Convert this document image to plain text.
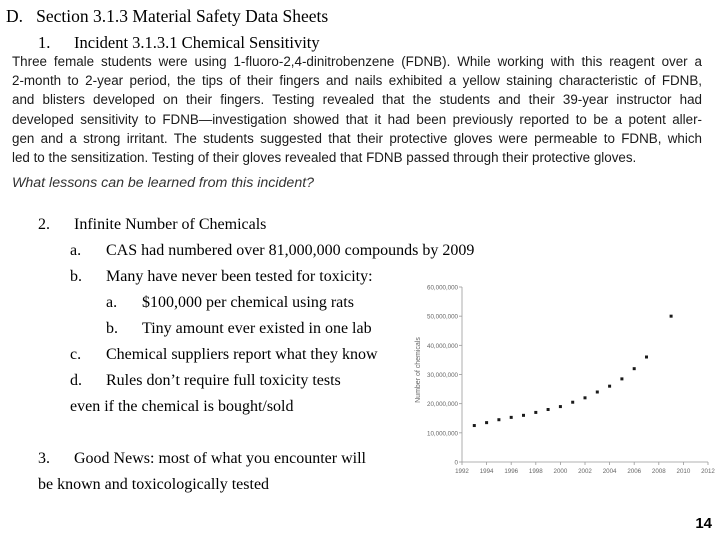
D. Section 3.1.3 Material Safety Data Sheets
1. Incident 3.1.3.1 Chemical Sensitivity
Three female students were using 1-fluoro-2,4-dinitrobenzene (FDNB). While working with this reagent over a
2-month to 2-year period, the tips of their fingers and nails exhibited a yellow staining characteristic of FDNB,
and blisters developed on their fingers. Testing revealed that the students and their 39-year instructor had
developed sensitivity to FDNB—investigation showed that it had been previously reported to be a potent aller-
gen and a strong irritant. The students suggested that their protective gloves were permeable to FDNB, which
led to the sensitization. Testing of their gloves revealed that FDNB passed through their protective gloves.
What lessons can be learned from this incident?
2. Infinite Number of Chemicals
a. CAS had numbered over 81,000,000 compounds by 2009
b. Many have never been tested for toxicity:
a. $100,000 per chemical using rats
b. Tiny amount ever existed in one lab
c. Chemical suppliers report what they know
d. Rules don’t require full toxicity tests
even if the chemical is bought/sold
3. Good News: most of what you encounter will
be known and toxicologically tested
0
10,000,000
20,000,000
30,000,000
40,000,000
50,000,000
60,000,000
1992 1994 1996 1998 2000 2002 2004 2006 2008 2010 2012
Number of chemicals
14
